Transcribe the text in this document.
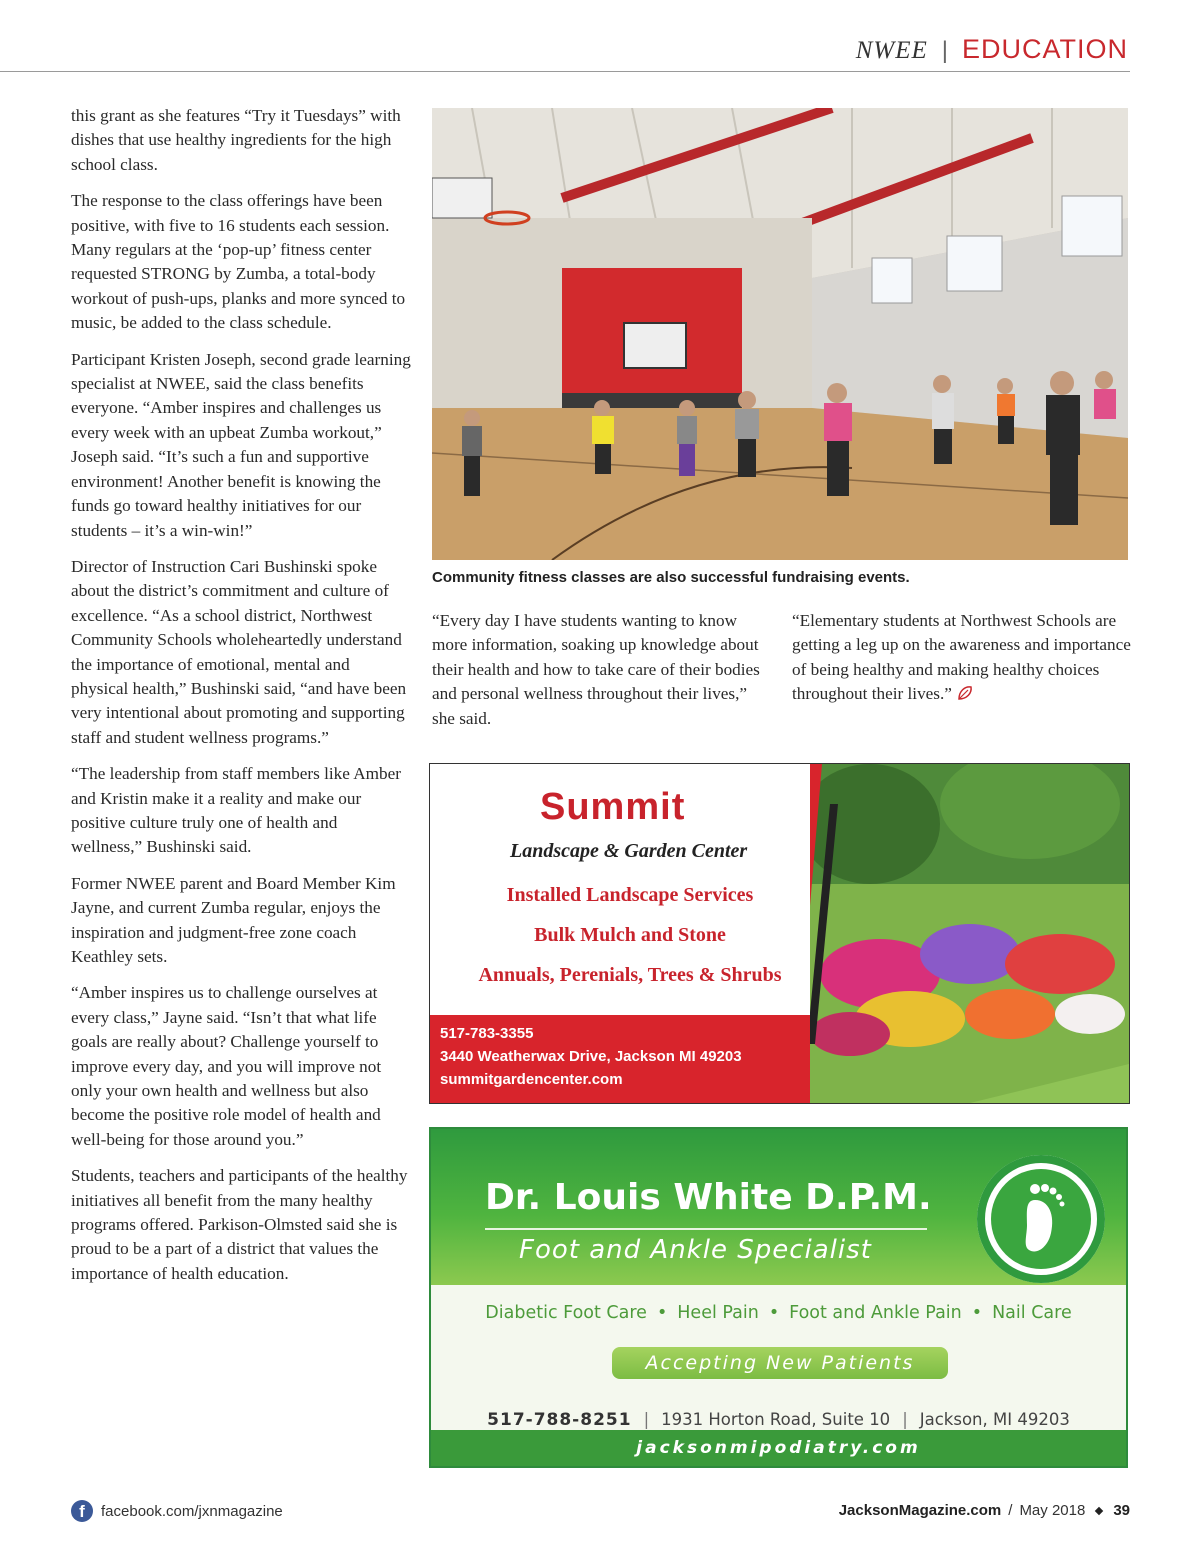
NWEE | EDUCATION

this grant as she features “Try it Tuesdays” with dishes that use healthy ingredients for the high school class.

The response to the class offerings have been positive, with five to 16 students each session. Many regulars at the ‘pop-up’ fitness center requested STRONG by Zumba, a total-body workout of push-ups, planks and more synced to music, be added to the class schedule.

Participant Kristen Joseph, second grade learning specialist at NWEE, said the class benefits everyone. “Amber inspires and challenges us every week with an upbeat Zumba workout,” Joseph said. “It’s such a fun and supportive environment! Another benefit is knowing the funds go toward healthy initiatives for our students – it’s a win-win!”

Director of Instruction Cari Bushinski spoke about the district’s commitment and culture of excellence. “As a school district, Northwest Community Schools wholeheartedly understand the importance of emotional, mental and physical health,” Bushinski said, “and have been very intentional about promoting and supporting staff and student wellness programs.”

“The leadership from staff members like Amber and Kristin make it a reality and make our positive culture truly one of health and wellness,” Bushinski said.

Former NWEE parent and Board Member Kim Jayne, and current Zumba regular, enjoys the inspiration and judgment-free zone coach Keathley sets.

“Amber inspires us to challenge ourselves at every class,” Jayne said. “Isn’t that what life goals are really about? Challenge yourself to improve every day, and you will improve not only your own health and wellness but also become the positive role model of health and well-being for those around you.”

Students, teachers and participants of the healthy initiatives all benefit from the many healthy programs offered. Parkison-Olmsted said she is proud to be a part of a district that values the importance of health education.

Community fitness classes are also successful fundraising events.

“Every day I have students wanting to know more information, soaking up knowledge about their health and how to take care of their bodies and personal wellness throughout their lives,” she said.

“Elementary students at Northwest Schools are getting a leg up on the awareness and importance of being healthy and making healthy choices throughout their lives.”

Summit
Landscape & Garden Center
Installed Landscape Services
Bulk Mulch and Stone
Annuals, Perenials, Trees & Shrubs
517-783-3355
3440 Weatherwax Drive, Jackson MI 49203
summitgardencenter.com
Dr. Louis White D.P.M.
Foot and Ankle Specialist
Diabetic Foot Care • Heel Pain • Foot and Ankle Pain • Nail Care
Accepting New Patients
517-788-8251 | 1931 Horton Road, Suite 10 | Jackson, MI 49203
jacksonmipodiatry.com
f	facebook.com/jxnmagazine	JacksonMagazine.com / May 2018 39
